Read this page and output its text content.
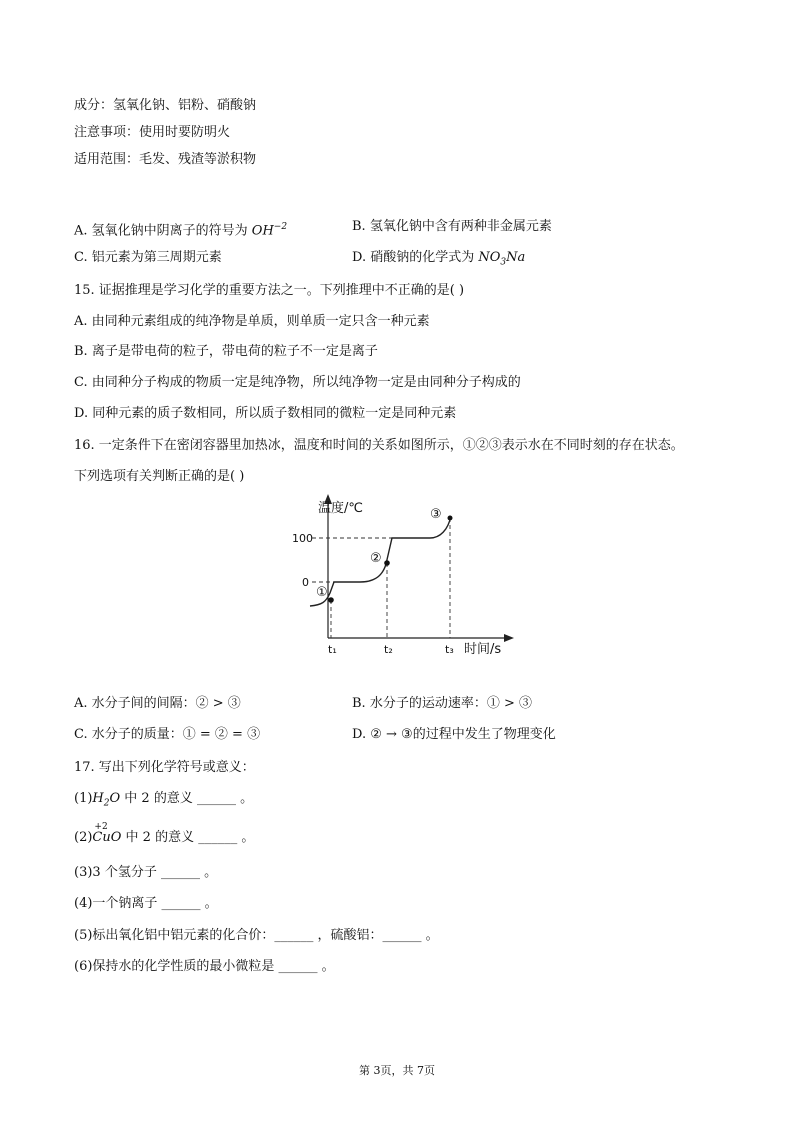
成分：氢氧化钠、铝粉、硝酸钠
注意事项：使用时要防明火
适用范围：毛发、残渣等淤积物
A. 氢氧化钠中阴离子的符号为 $OH^{-2}$	B. 氢氧化钠中含有两种非金属元素
C. 铝元素为第三周期元素	D. 硝酸钠的化学式为 $NO_3Na$
15. 证据推理是学习化学的重要方法之一。下列推理中不正确的是( )
A. 由同种元素组成的纯净物是单质，则单质一定只含一种元素
B. 离子是带电荷的粒子，带电荷的粒子不一定是离子
C. 由同种分子构成的物质一定是纯净物，所以纯净物一定是由同种分子构成的
D. 同种元素的质子数相同，所以质子数相同的微粒一定是同种元素
16. 一定条件下在密闭容器里加热冰，温度和时间的关系如图所示，①②③表示水在不同时刻的存在状态。
下列选项有关判断正确的是( )
温度/℃
100
0
①
②
③
t₁	t₂	t₃ 时间/s
A. 水分子间的间隔：② > ③	B. 水分子的运动速率：① > ③
C. 水分子的质量：① = ② = ③	D. ② → ③的过程中发生了物理变化
17. 写出下列化学符号或意义：
$(1)H_2O$ 中 2 的意义 ______ 。
(2)
+2
CuO 中 2 的意义 ______ 。
(3)3 个氢分子 ______ 。
(4)一个钠离子 ______ 。
(5)标出氧化铝中铝元素的化合价：______ ，硫酸铝：______ 。
(6)保持水的化学性质的最小微粒是 ______ 。
第 3页，共 7页
